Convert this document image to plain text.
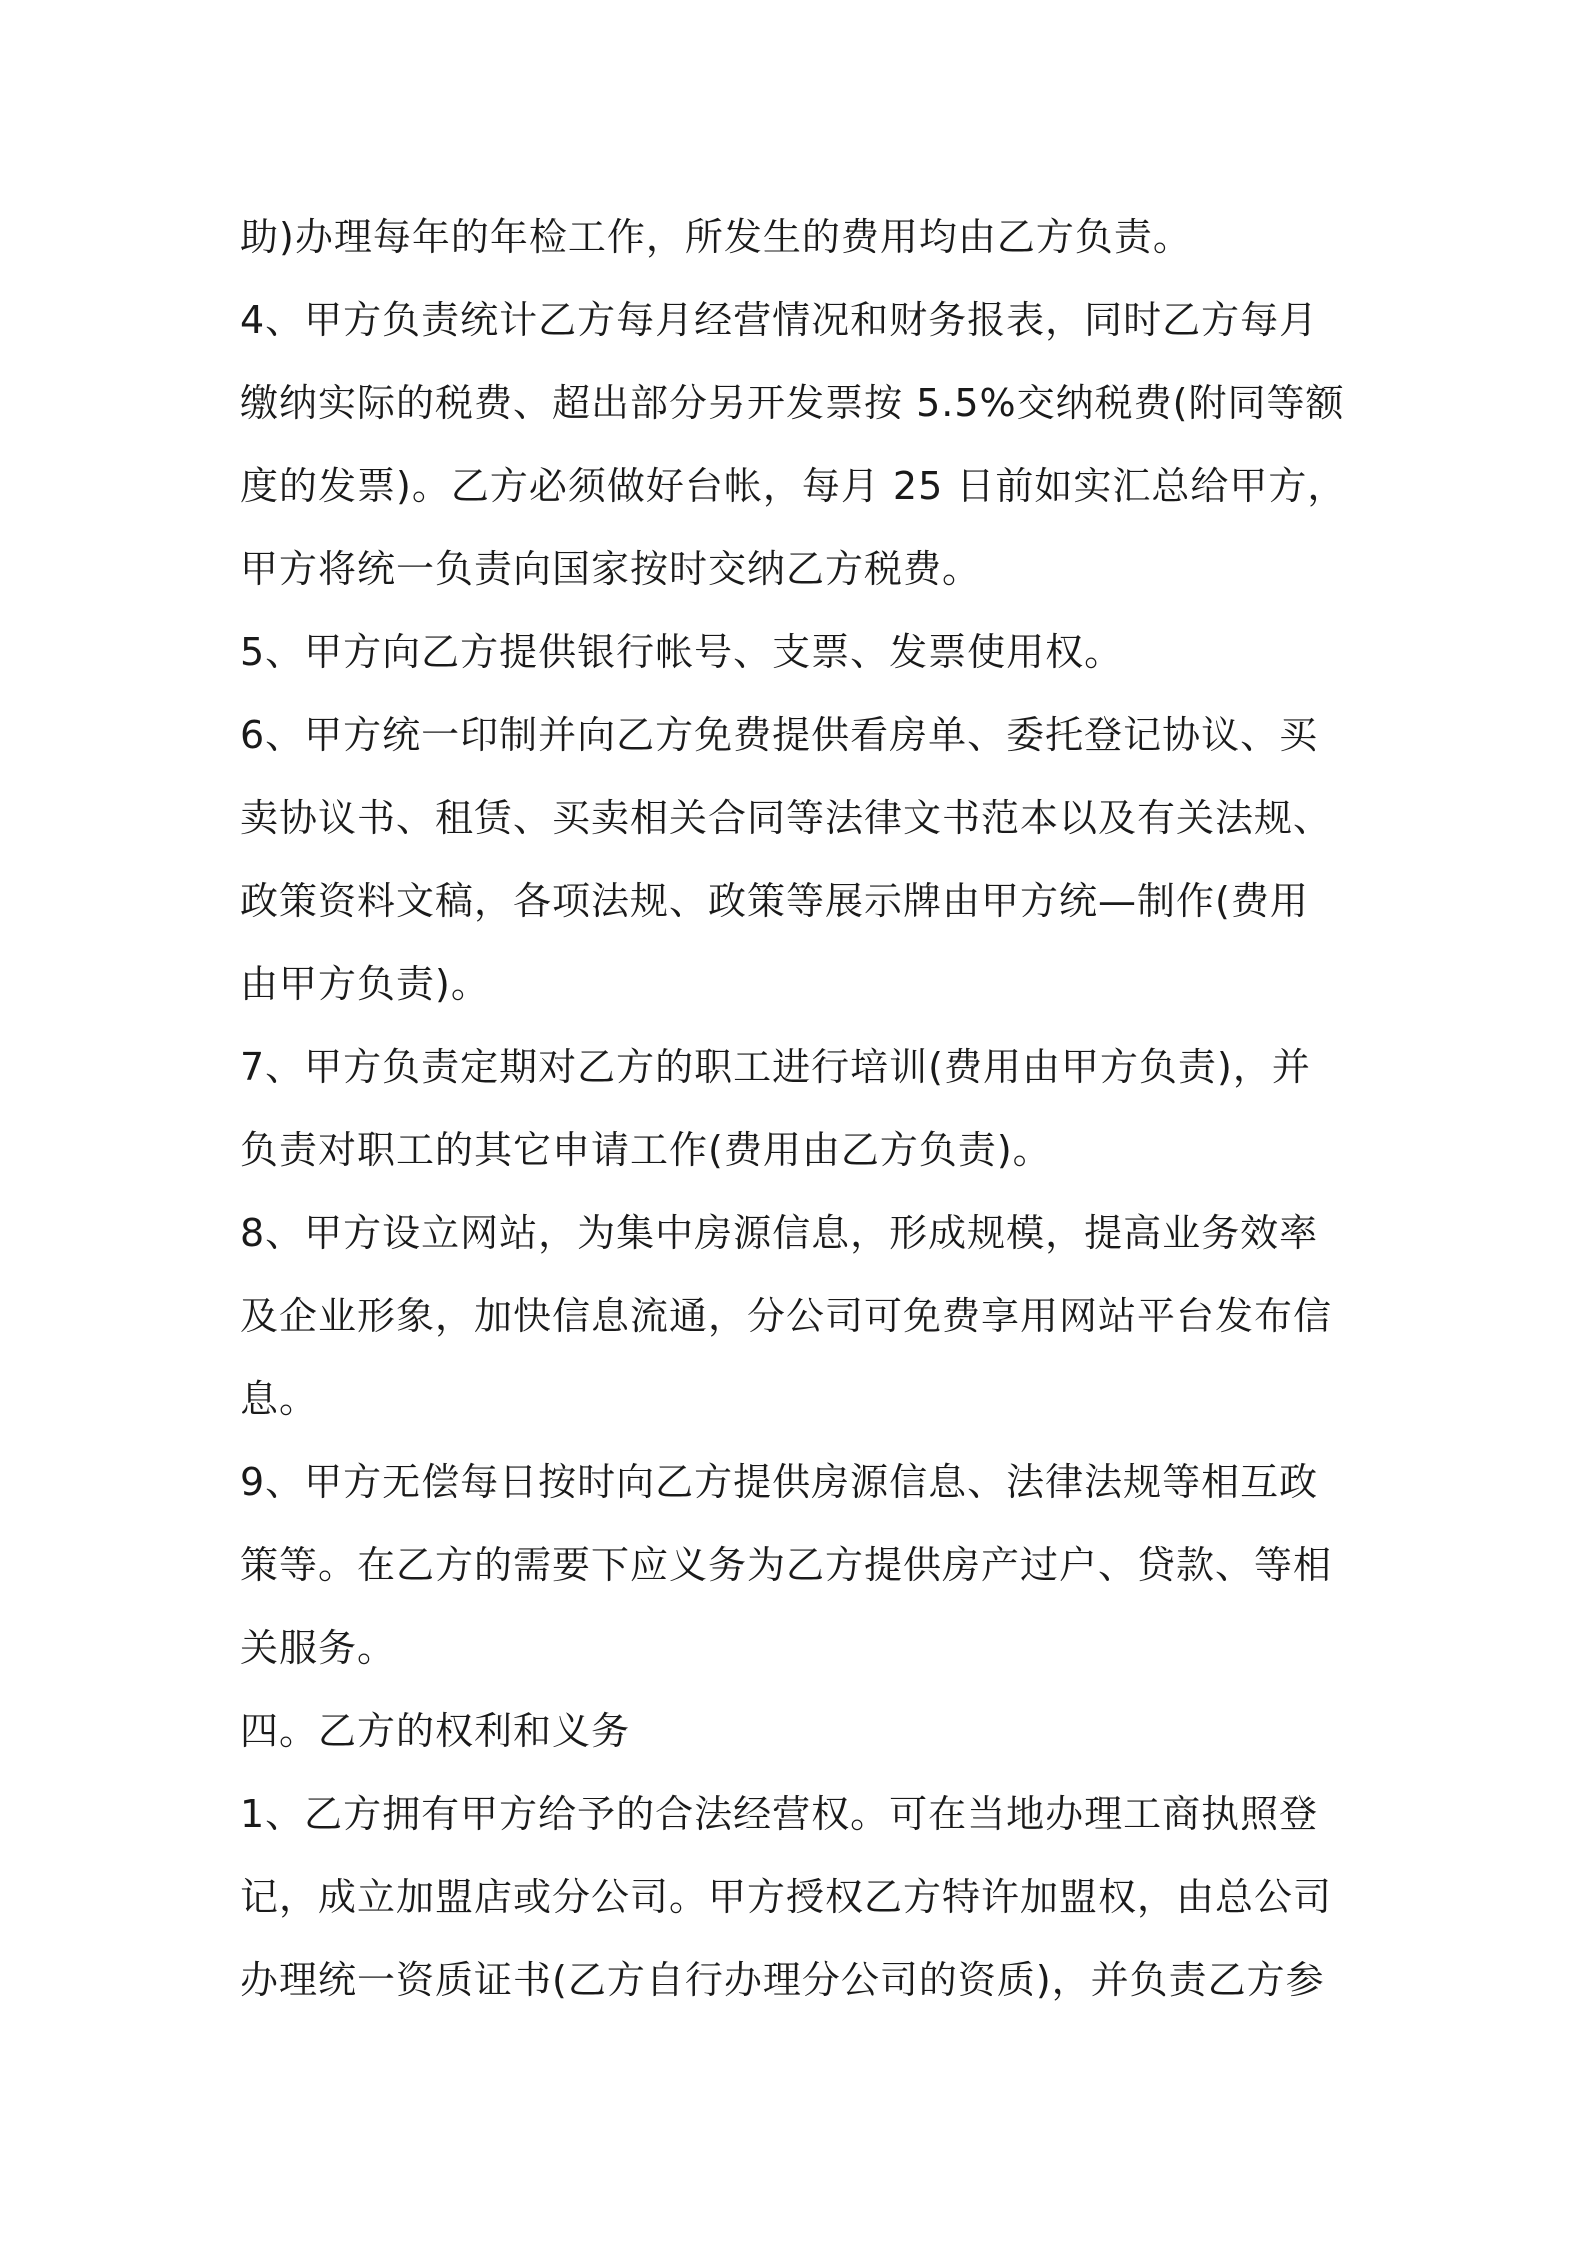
助)办理每年的年检工作，所发生的费用均由乙方负责。

4、甲方负责统计乙方每月经营情况和财务报表，同时乙方每月
缴纳实际的税费、超出部分另开发票按 5.5%交纳税费(附同等额
度的发票)。乙方必须做好台帐，每月 25 日前如实汇总给甲方，
甲方将统一负责向国家按时交纳乙方税费。

5、甲方向乙方提供银行帐号、支票、发票使用权。

6、甲方统一印制并向乙方免费提供看房单、委托登记协议、买
卖协议书、租赁、买卖相关合同等法律文书范本以及有关法规、
政策资料文稿，各项法规、政策等展示牌由甲方统—制作(费用
由甲方负责)。

7、甲方负责定期对乙方的职工进行培训(费用由甲方负责)，并
负责对职工的其它申请工作(费用由乙方负责)。

8、甲方设立网站，为集中房源信息，形成规模，提高业务效率
及企业形象，加快信息流通，分公司可免费享用网站平台发布信
息。

9、甲方无偿每日按时向乙方提供房源信息、法律法规等相互政
策等。在乙方的需要下应义务为乙方提供房产过户、贷款、等相
关服务。

四。乙方的权利和义务

1、乙方拥有甲方给予的合法经营权。可在当地办理工商执照登
记，成立加盟店或分公司。甲方授权乙方特许加盟权，由总公司
办理统一资质证书(乙方自行办理分公司的资质)，并负责乙方参
